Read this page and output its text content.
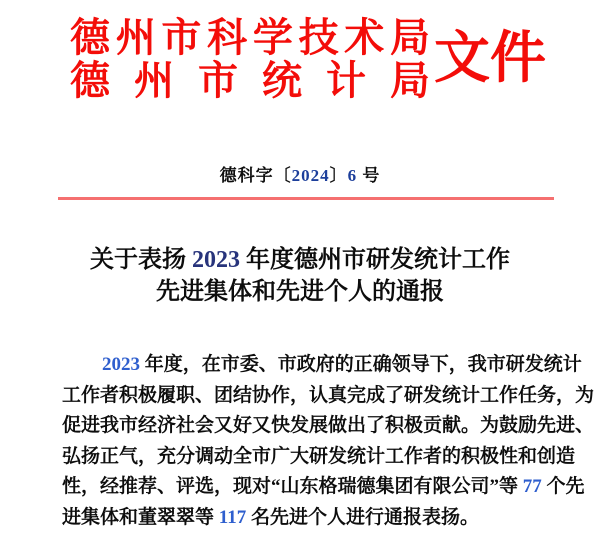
德州市科学技术局
德州市统计局 文件
德科字〔2024〕6 号
关于表扬 2023 年度德州市研发统计工作
先进集体和先进个人的通报
2023 年度，在市委、市政府的正确领导下，我市研发统计
工作者积极履职、团结协作，认真完成了研发统计工作任务，为
促进我市经济社会又好又快发展做出了积极贡献。为鼓励先进、
弘扬正气，充分调动全市广大研发统计工作者的积极性和创造
性，经推荐、评选，现对“山东格瑞德集团有限公司”等 77 个先
进集体和董翠翠等 117 名先进个人进行通报表扬。
